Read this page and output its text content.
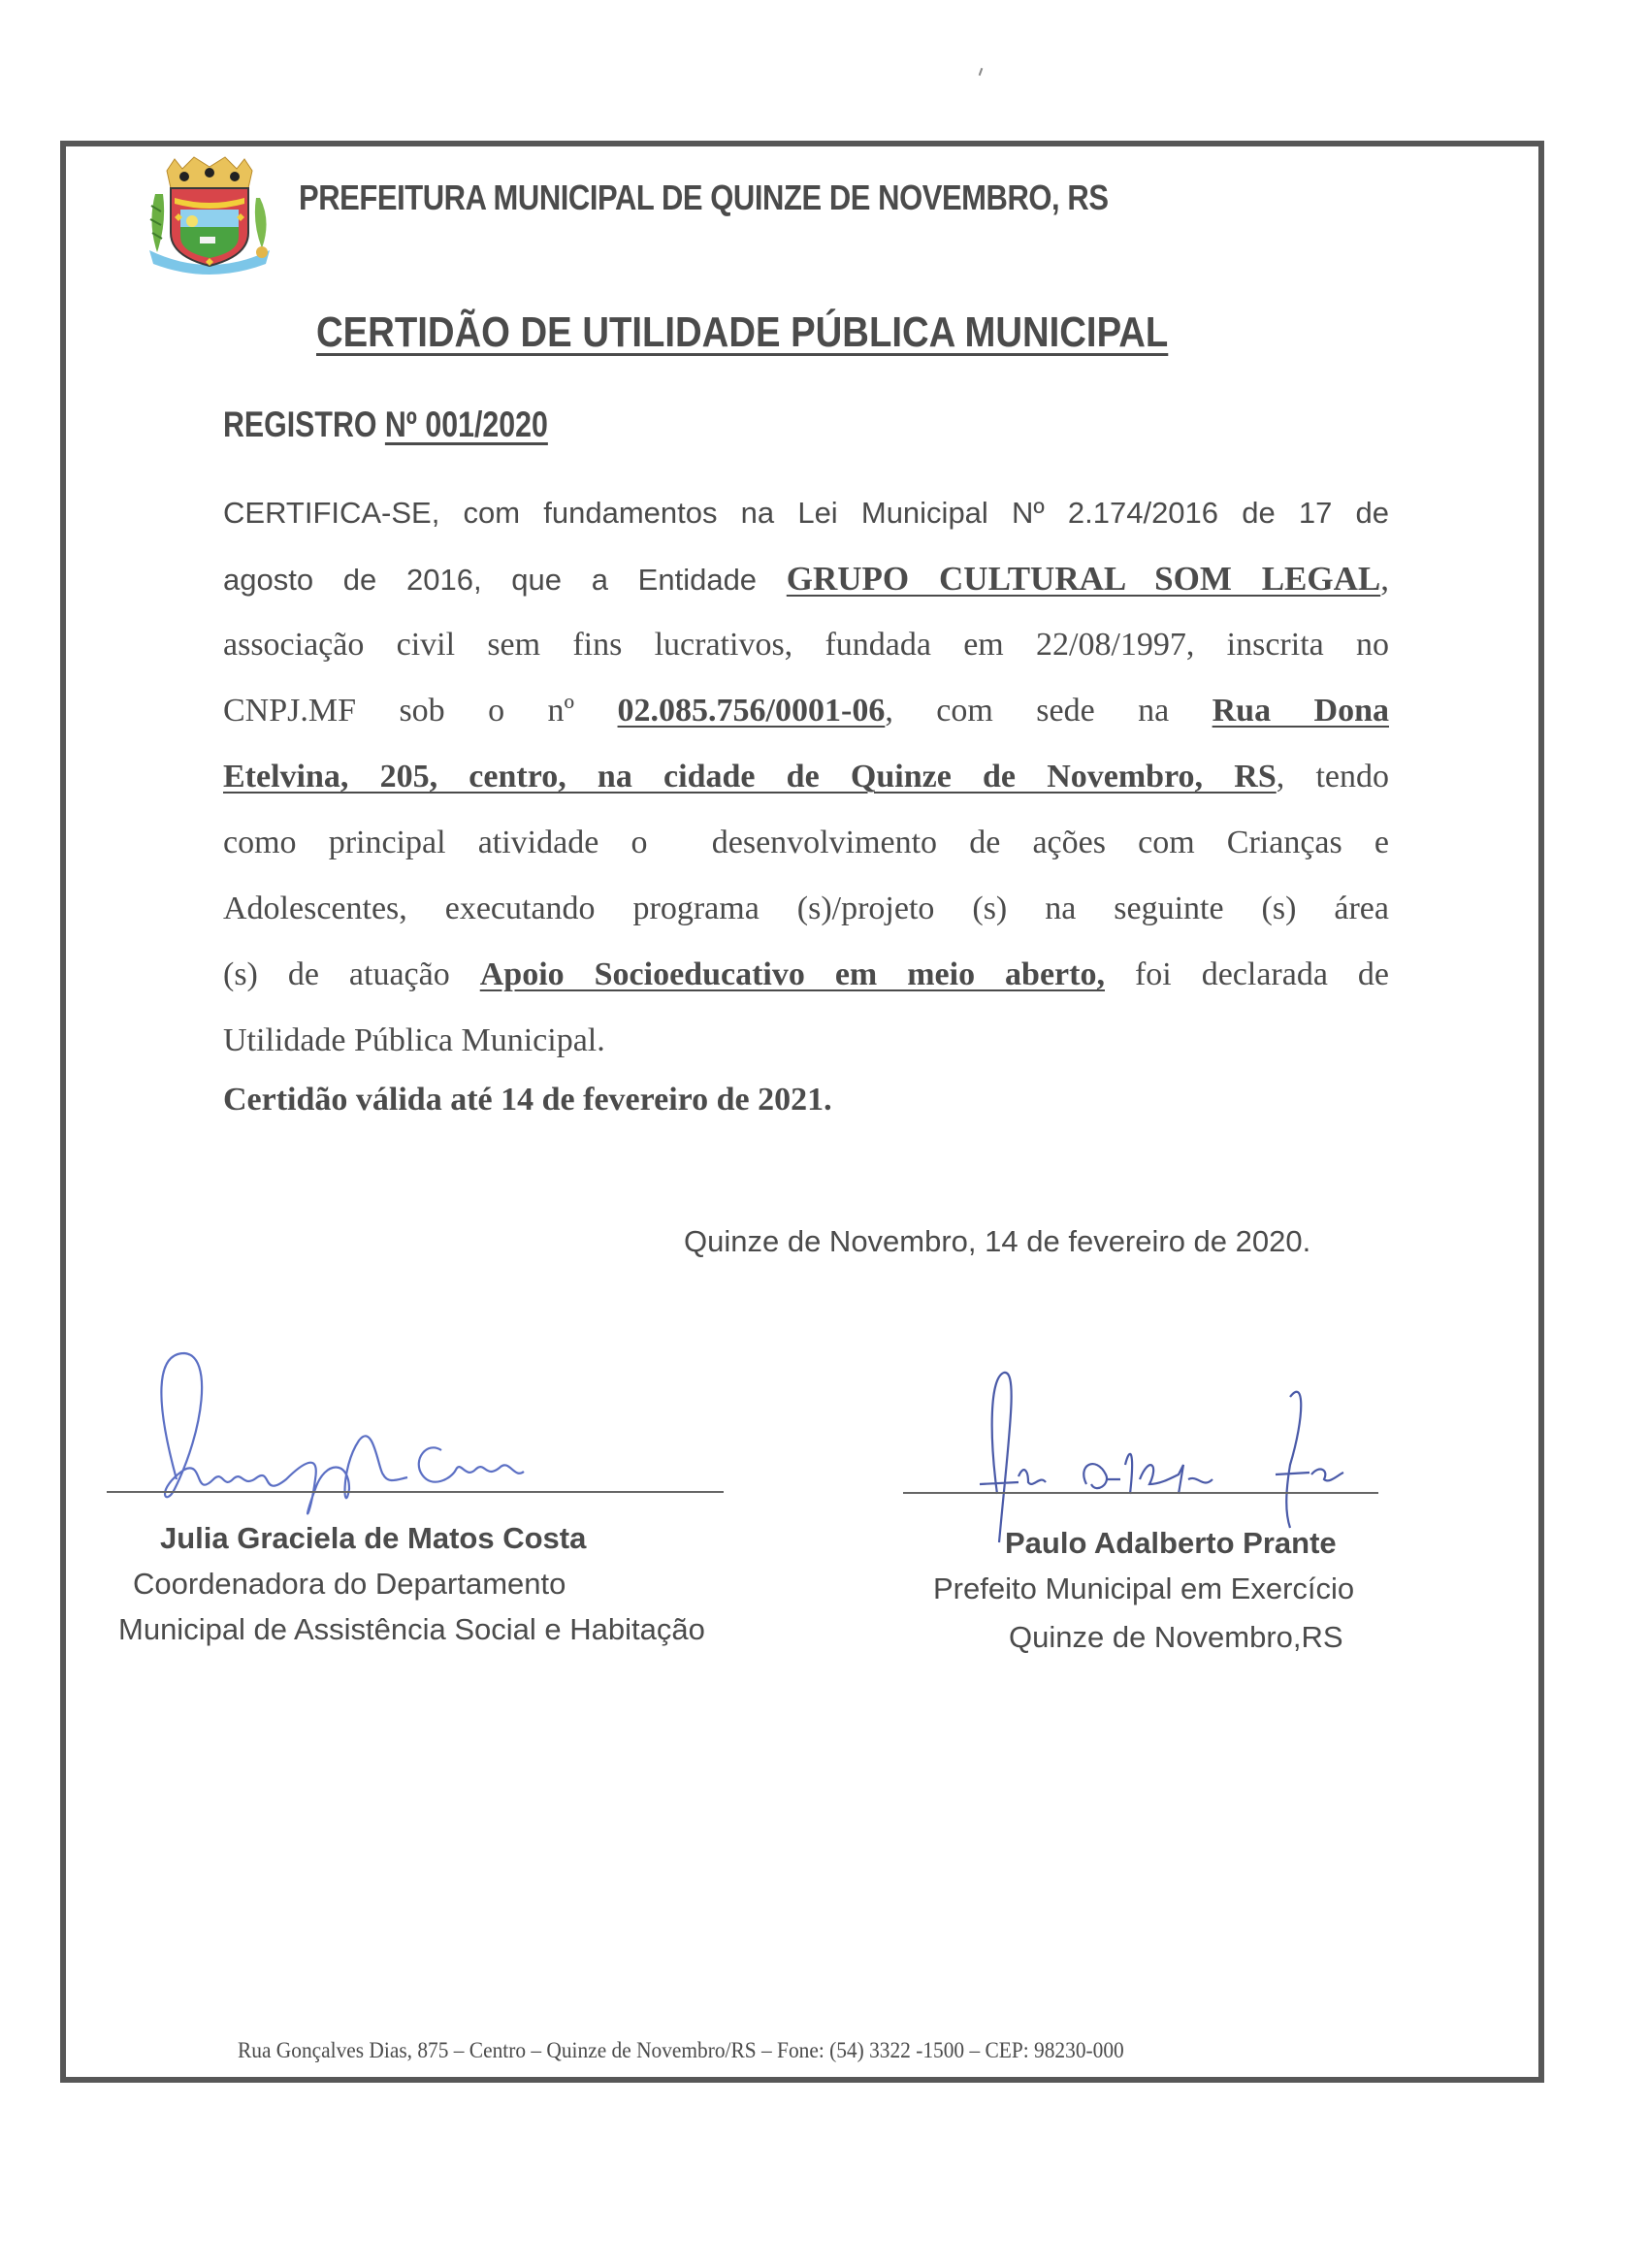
PREFEITURA MUNICIPAL DE QUINZE DE NOVEMBRO, RS
CERTIDÃO DE UTILIDADE PÚBLICA MUNICIPAL
REGISTRO Nº 001/2020
CERTIFICA-SE, com fundamentos na Lei Municipal Nº 2.174/2016 de 17 de
agosto de 2016, que a Entidade GRUPO CULTURAL SOM LEGAL,
associação civil sem fins lucrativos, fundada em 22/08/1997, inscrita no
CNPJ.MF sob o nº 02.085.756/0001-06, com sede na Rua Dona
Etelvina, 205, centro, na cidade de Quinze de Novembro, RS, tendo
como principal atividade o  desenvolvimento de ações com Crianças e
Adolescentes, executando programa (s)/projeto (s) na seguinte (s) área
(s) de atuação Apoio Socioeducativo em meio aberto, foi declarada de
Utilidade Pública Municipal.
Certidão válida até 14 de fevereiro de 2021.
Quinze de Novembro, 14 de fevereiro de 2020.
Julia Graciela de Matos Costa
Coordenadora do Departamento
Municipal de Assistência Social e Habitação
Paulo Adalberto Prante
Prefeito Municipal em Exercício
Quinze de Novembro,RS
Rua Gonçalves Dias, 875 – Centro – Quinze de Novembro/RS – Fone: (54) 3322 -1500 – CEP: 98230-000
